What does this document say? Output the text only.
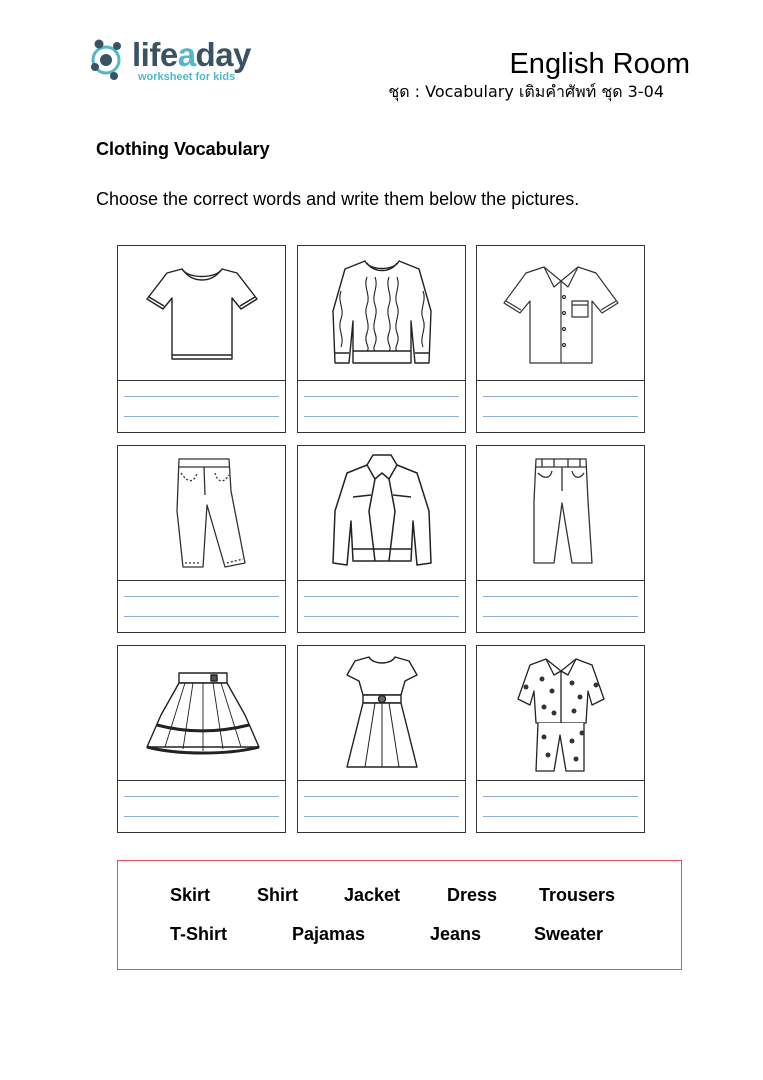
lifeaday
worksheet for kids	English Room
ชุด : Vocabulary เติมคำศัพท์ ชุด 3-04
Clothing Vocabulary
Choose the correct words and write them below the pictures.
Skirt	Shirt	Jacket	Dress Trousers
T-Shirt	Pajamas	Jeans	Sweater
